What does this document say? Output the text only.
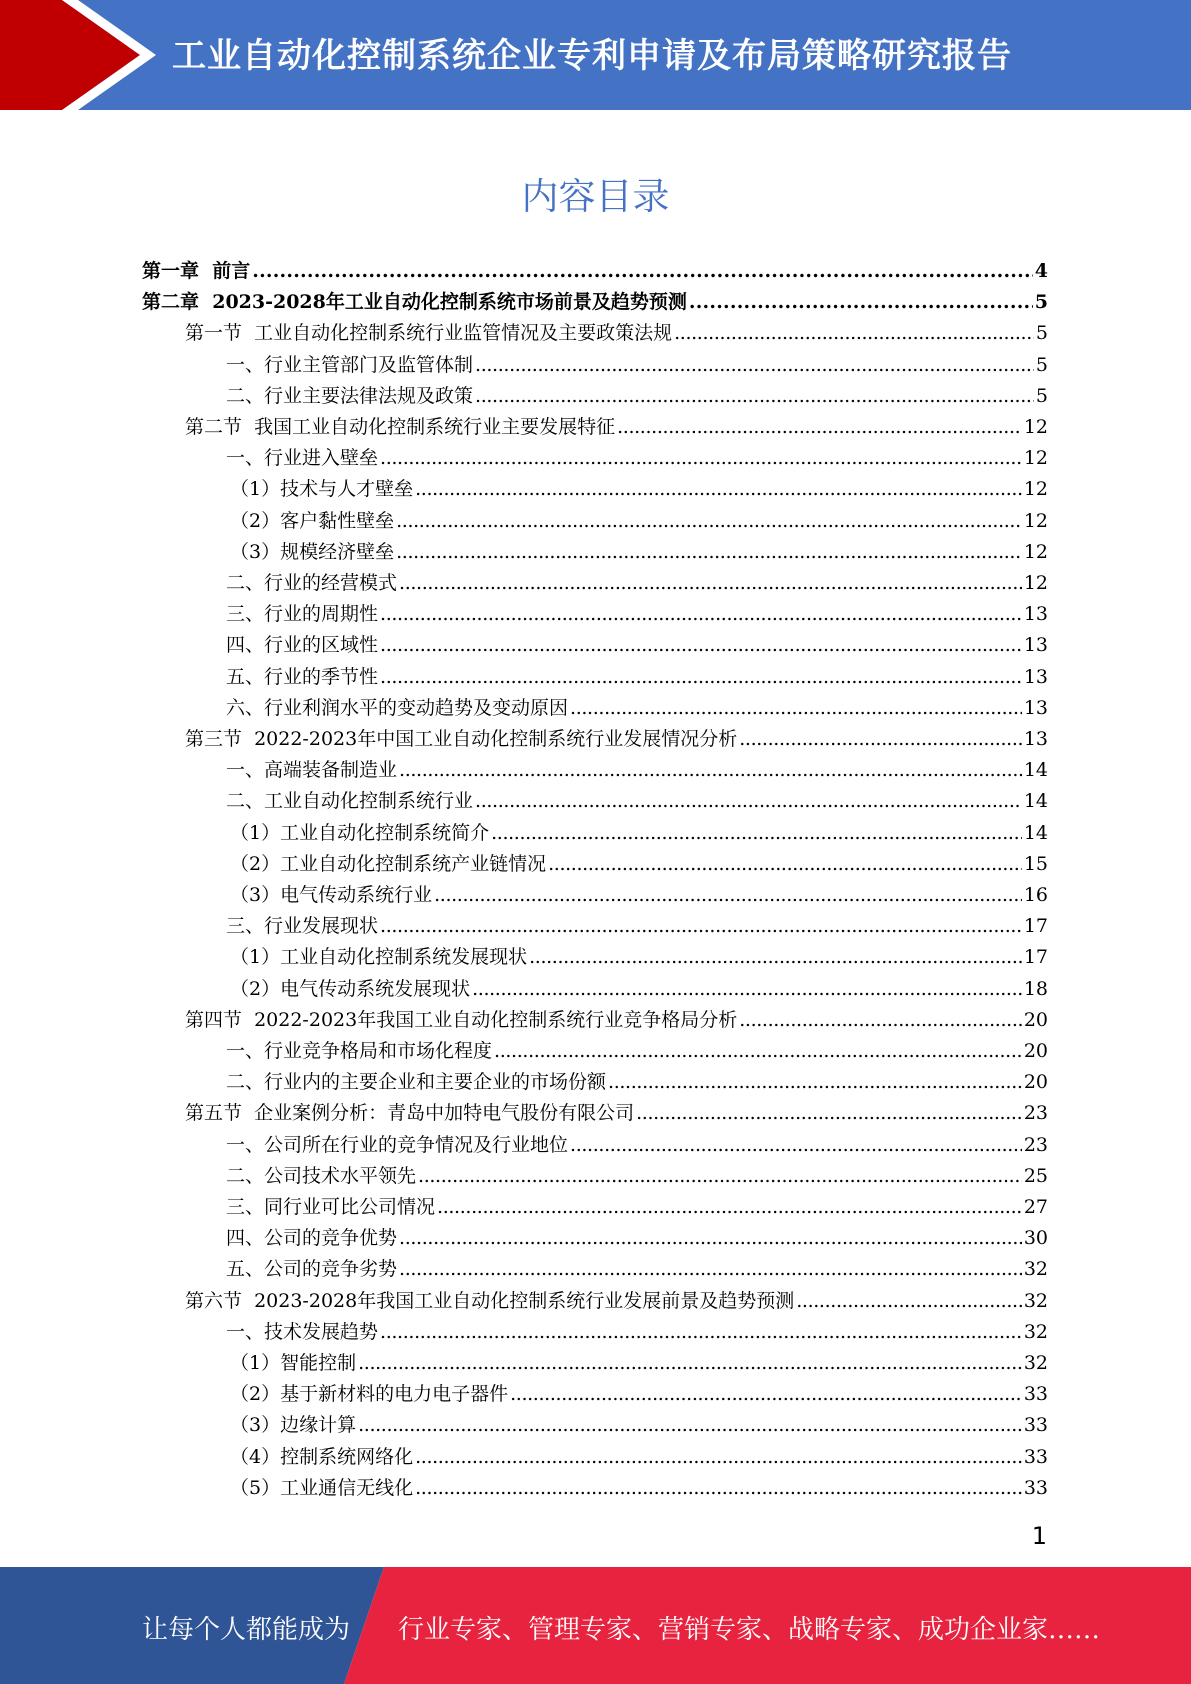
工业自动化控制系统企业专利申请及布局策略研究报告
内容目录
第一章  前言 . . .	4
第二章  2023-2028年工业自动化控制系统市场前景及趋势预测 . . .	5
第一节  工业自动化控制系统行业监管情况及主要政策法规 . . .	5
一、行业主管部门及监管体制 . . .	5
二、行业主要法律法规及政策 . . .	5
第二节  我国工业自动化控制系统行业主要发展特征 . . .	12
一、行业进入壁垒 . . .	12
（1）技术与人才壁垒 . . .	12
（2）客户黏性壁垒 . . .	12
（3）规模经济壁垒 . . .	12
二、行业的经营模式 . . .	12
三、行业的周期性 . . .	13
四、行业的区域性 . . .	13
五、行业的季节性 . . .	13
六、行业利润水平的变动趋势及变动原因 . . .	13
第三节  2022-2023年中国工业自动化控制系统行业发展情况分析 . . .	13
一、高端装备制造业 . . .	14
二、工业自动化控制系统行业 . . .	14
（1）工业自动化控制系统简介 . . .	14
（2）工业自动化控制系统产业链情况 . . .	15
（3）电气传动系统行业 . . .	16
三、行业发展现状 . . .	17
（1）工业自动化控制系统发展现状 . . .	17
（2）电气传动系统发展现状 . . .	18
第四节  2022-2023年我国工业自动化控制系统行业竞争格局分析 . . .	20
一、行业竞争格局和市场化程度 . . .	20
二、行业内的主要企业和主要企业的市场份额 . . .	20
第五节  企业案例分析：青岛中加特电气股份有限公司 . . .	23
一、公司所在行业的竞争情况及行业地位 . . .	23
二、公司技术水平领先 . . .	25
三、同行业可比公司情况 . . .	27
四、公司的竞争优势 . . .	30
五、公司的竞争劣势 . . .	32
第六节  2023-2028年我国工业自动化控制系统行业发展前景及趋势预测 . . .	32
一、技术发展趋势 . . .	32
（1）智能控制 . . .	32
（2）基于新材料的电力电子器件 . . .	33
（3）边缘计算 . . .	33
（4）控制系统网络化 . . .	33
（5）工业通信无线化 . . .	33
1
让每个人都能成为 行业专家、管理专家、营销专家、战略专家、成功企业家……
